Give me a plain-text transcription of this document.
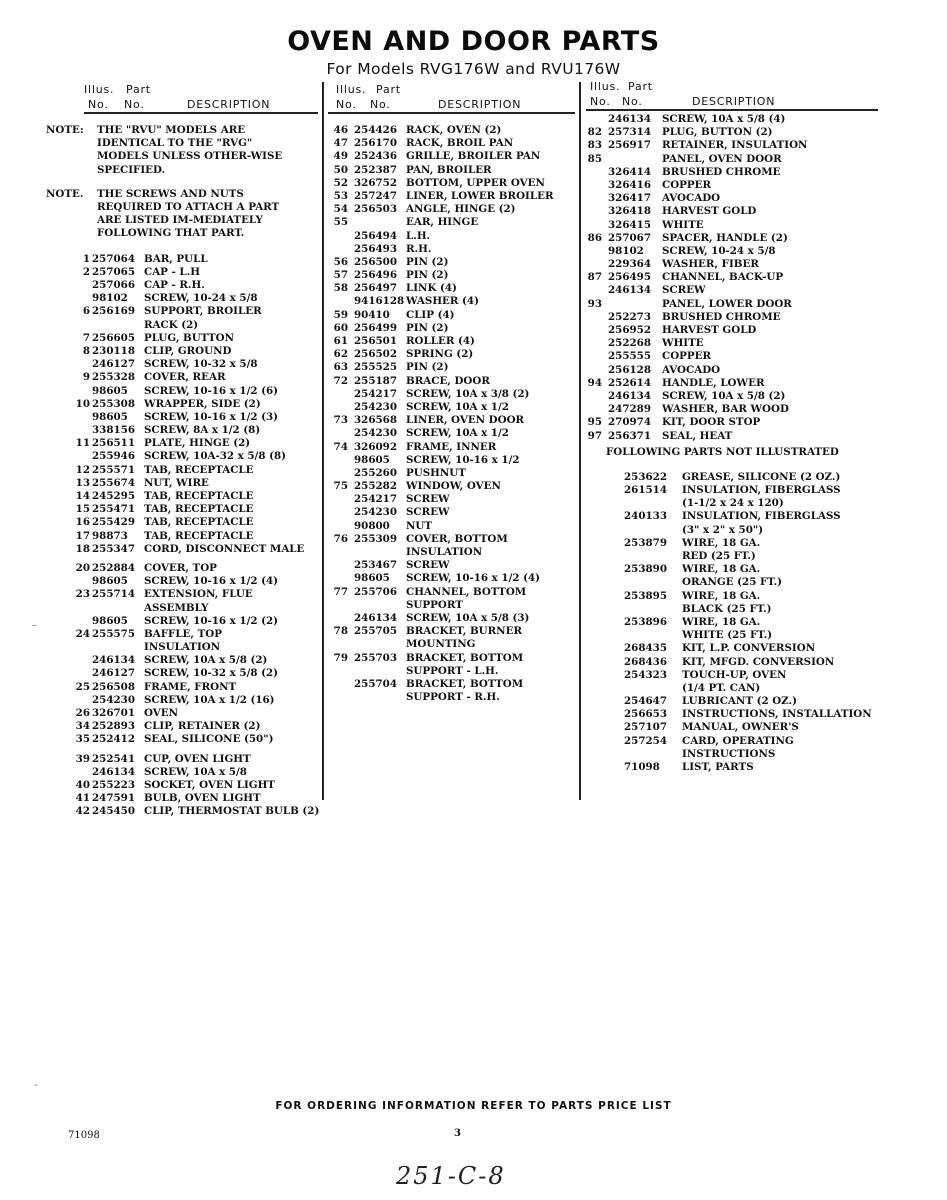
OVEN AND DOOR PARTS
For Models RVG176W and RVU176W
Illus. Part
No. No.	DESCRIPTION
NOTE: THE "RVU" MODELS ARE IDENTICAL TO THE "RVG" MODELS UNLESS OTHER-WISE SPECIFIED.
NOTE. THE SCREWS AND NUTS REQUIRED TO ATTACH A PART ARE LISTED IM-MEDIATELY FOLLOWING THAT PART.
1 257064 BAR, PULL
2 257065 CAP - L.H
257066 CAP - R.H.
98102 SCREW, 10-24 x 5/8
6 256169 SUPPORT, BROILER
RACK (2)
7 256605 PLUG, BUTTON
8 230118 CLIP, GROUND
246127 SCREW, 10-32 x 5/8
9 255328 COVER, REAR
98605 SCREW, 10-16 x 1/2 (6)
10 255308 WRAPPER, SIDE (2)
98605 SCREW, 10-16 x 1/2 (3)
338156 SCREW, 8A x 1/2 (8)
11 256511 PLATE, HINGE (2)
255946 SCREW, 10A-32 x 5/8 (8)
12 255571 TAB, RECEPTACLE
13 255674 NUT, WIRE
14 245295 TAB, RECEPTACLE
15 255471 TAB, RECEPTACLE
16 255429 TAB, RECEPTACLE
17 98873 TAB, RECEPTACLE
18 255347 CORD, DISCONNECT MALE
20 252884 COVER, TOP
98605 SCREW, 10-16 x 1/2 (4)
23 255714 EXTENSION, FLUE
ASSEMBLY
98605 SCREW, 10-16 x 1/2 (2)
24 255575 BAFFLE, TOP
INSULATION
246134 SCREW, 10A x 5/8 (2)
246127 SCREW, 10-32 x 5/8 (2)
25 256508 FRAME, FRONT
254230 SCREW, 10A x 1/2 (16)
26 326701 OVEN
34 252893 CLIP, RETAINER (2)
35 252412 SEAL, SILICONE (50")
39 252541 CUP, OVEN LIGHT
246134 SCREW, 10A x 5/8
40 255223 SOCKET, OVEN LIGHT
41 247591 BULB, OVEN LIGHT
42 245450 CLIP, THERMOSTAT BULB (2)
Illus. Part
No. No.	DESCRIPTION
46 254426 RACK, OVEN (2)
47 256170 RACK, BROIL PAN
49 252436 GRILLE, BROILER PAN
50 252387 PAN, BROILER
52 326752 BOTTOM, UPPER OVEN
53 257247 LINER, LOWER BROILER
54 256503 ANGLE, HINGE (2)
55	EAR, HINGE
256494 L.H.
256493 R.H.
56 256500 PIN (2)
57 256496 PIN (2)
58 256497 LINK (4)
9416128 WASHER (4)
59 90410 CLIP (4)
60 256499 PIN (2)
61 256501 ROLLER (4)
62 256502 SPRING (2)
63 255525 PIN (2)
72 255187 BRACE, DOOR
254217 SCREW, 10A x 3/8 (2)
254230 SCREW, 10A x 1/2
73 326568 LINER, OVEN DOOR
254230 SCREW, 10A x 1/2
74 326092 FRAME, INNER
98605 SCREW, 10-16 x 1/2
255260 PUSHNUT
75 255282 WINDOW, OVEN
254217 SCREW
254230 SCREW
90800 NUT
76 255309 COVER, BOTTOM
INSULATION
253467 SCREW
98605 SCREW, 10-16 x 1/2 (4)
77 255706 CHANNEL, BOTTOM
SUPPORT
246134 SCREW, 10A x 5/8 (3)
78 255705 BRACKET, BURNER
MOUNTING
79 255703 BRACKET, BOTTOM
SUPPORT - L.H.
255704 BRACKET, BOTTOM
SUPPORT - R.H.
Illus. Part
No. No.	DESCRIPTION
246134 SCREW, 10A x 5/8 (4)
82 257314 PLUG, BUTTON (2)
83 256917 RETAINER, INSULATION
85	PANEL, OVEN DOOR
326414 BRUSHED CHROME
326416 COPPER
326417 AVOCADO
326418 HARVEST GOLD
326415 WHITE
86 257067 SPACER, HANDLE (2)
98102 SCREW, 10-24 x 5/8
229364 WASHER, FIBER
87 256495 CHANNEL, BACK-UP
246134 SCREW
93	PANEL, LOWER DOOR
252273 BRUSHED CHROME
256952 HARVEST GOLD
252268 WHITE
255555 COPPER
256128 AVOCADO
94 252614 HANDLE, LOWER
246134 SCREW, 10A x 5/8 (2)
247289 WASHER, BAR WOOD
95 270974 KIT, DOOR STOP
97 256371 SEAL, HEAT
FOLLOWING PARTS NOT ILLUSTRATED
253622 GREASE, SILICONE (2 OZ.)
261514 INSULATION, FIBERGLASS
(1-1/2 x 24 x 120)
240133 INSULATION, FIBERGLASS
(3" x 2" x 50")
253879 WIRE, 18 GA.
RED (25 FT.)
253890 WIRE, 18 GA.
ORANGE (25 FT.)
253895 WIRE, 18 GA.
BLACK (25 FT.)
253896 WIRE, 18 GA.
WHITE (25 FT.)
268435 KIT, L.P. CONVERSION
268436 KIT, MFGD. CONVERSION
254323 TOUCH-UP, OVEN
(1/4 PT. CAN)
254647 LUBRICANT (2 OZ.)
256653 INSTRUCTIONS, INSTALLATION
257107 MANUAL, OWNER'S
257254 CARD, OPERATING
INSTRUCTIONS
71098 LIST, PARTS
FOR ORDERING INFORMATION REFER TO PARTS PRICE LIST
71098	3
251-C-8
–
-
